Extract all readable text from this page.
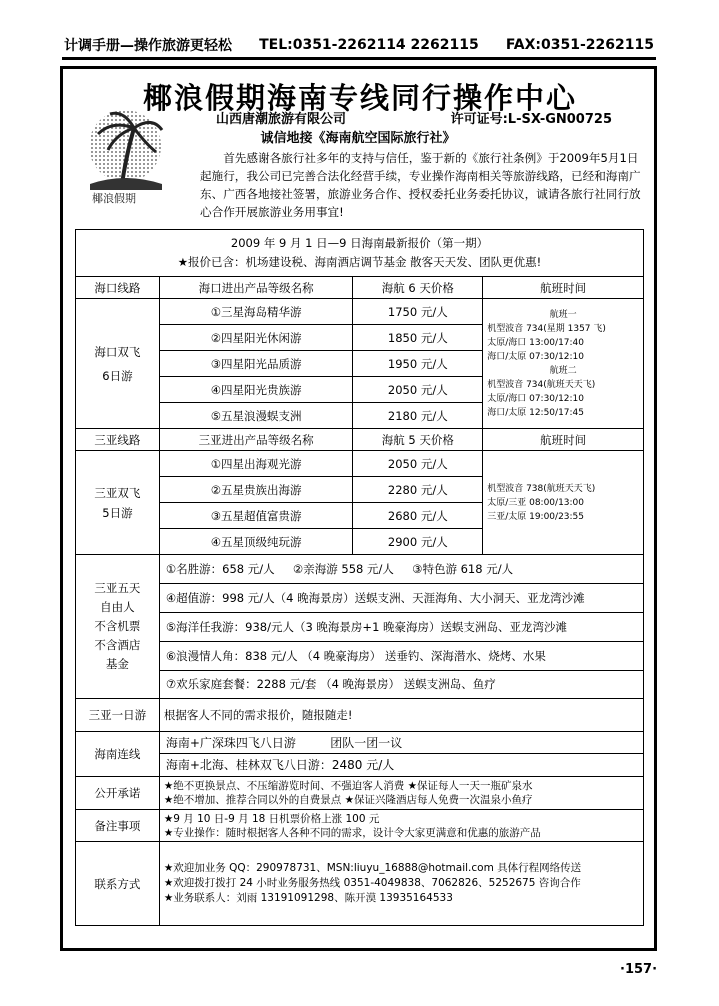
计调手册—操作旅游更轻松 TEL:0351-2262114 2262115 FAX:0351-2262115
椰浪假期海南专线同行操作中心
椰浪假期
山西唐潮旅游有限公司	许可证号:L-SX-GN00725
诚信地接《海南航空国际旅行社》
首先感谢各旅行社多年的支持与信任，鉴于新的《旅行社条例》于2009年5月1日起施行，我公司已完善合法化经营手续，专业操作海南相关等旅游线路，已经和海南广东、广西各地接社签署，旅游业务合作、授权委托业务委托协议，诚请各旅行社同行放心合作开展旅游业务用事宜!
2009 年 9 月 1 日—9 日海南最新报价（第一期）
★报价已含：机场建设税、海南酒店调节基金 散客天天发、团队更优惠!

海口线路	海口进出产品等级名称	海航 6 天价格	航班时间

海口双飞
6日游
	①三星海岛精华游	1750 元/人	航班一
机型波音 734(星期 1357 飞)
太原/海口 13:00/17:40
海口/太原 07:30/12:10
航班二
机型波音 734(航班天天飞)
太原/海口 07:30/12:10
海口/太原 12:50/17:45

②四星阳光休闲游	1850 元/人
③四星阳光品质游	1950 元/人
④四星阳光贵族游	2050 元/人
⑤五星浪漫蜈支洲	2180 元/人
三亚线路	三亚进出产品等级名称	海航 5 天价格	航班时间

三亚双飞
5日游
	①四星出海观光游	2050 元/人	
机型波音 738(航班天天飞)
太原/三亚 08:00/13:00
三亚/太原 19:00/23:55

②五星贵族出海游	2280 元/人
③五星超值富贵游	2680 元/人
④五星顶级纯玩游	2900 元/人

三亚五天
自由人
不含机票
不含酒店
基金

①名胜游：658 元/人 ②亲海游 558 元/人 ③特色游 618 元/人
④超值游：998 元/人（4 晚海景房）送蜈支洲、天涯海角、大小洞天、亚龙湾沙滩
⑤海洋任我游：938/元人（3 晚海景房+1 晚豪海房）送蜈支洲岛、亚龙湾沙滩
⑥浪漫情人角：838 元/人 （4 晚豪海房） 送垂钓、深海潜水、烧烤、水果
⑦欢乐家庭套餐：2288 元/套 （4 晚海景房） 送蜈支洲岛、鱼疗

三亚一日游	根据客人不同的需求报价，随报随走!
海南连线	
海南+广深珠四飞八日游	团队一团一议
海南+北海、桂林双飞八日游：2480 元/人

公开承诺	★绝不更换景点、不压缩游览时间、不强迫客人消费 ★保证每人一天一瓶矿泉水
★绝不增加、推荐合同以外的自费景点 ★保证兴隆酒店每人免费一次温泉小鱼疗

备注事项	★9 月 10 日-9 月 18 日机票价格上涨 100 元
★专业操作：随时根据客人各种不同的需求，设计令大家更满意和优惠的旅游产品

联系方式	
★欢迎加业务 QQ：290978731、MSN:liuyu_16888@hotmail.com 具体行程网络传送
★欢迎拨打拨打 24 小时业务服务热线 0351-4049838、7062826、5252675 咨询合作
★业务联系人：刘雨 13191091298、陈开漠 13935164533
·157·
